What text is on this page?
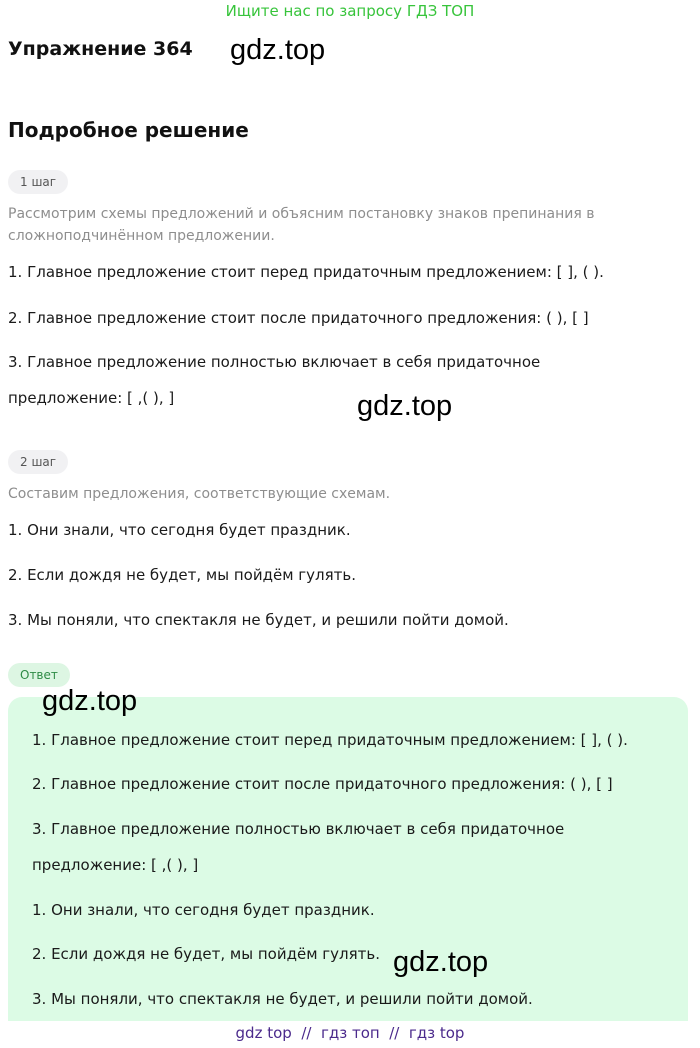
Ищите нас по запросу ГДЗ ТОП
Упражнение 364 gdz.top
Подробное решение
1 шаг
Рассмотрим схемы предложений и объясним постановку знаков препинания в сложноподчинённом предложении.
1. Главное предложение стоит перед придаточным предложением: [ ], ( ).
2. Главное предложение стоит после придаточного предложения: ( ), [ ]
3. Главное предложение полностью включает в себя придаточное
предложение: [ ,( ), ]	gdz.top
2 шаг
Составим предложения, соответствующие схемам.
1. Они знали, что сегодня будет праздник.
2. Если дождя не будет, мы пойдём гулять.
3. Мы поняли, что спектакля не будет, и решили пойти домой.
Ответ
gdz.top
1. Главное предложение стоит перед придаточным предложением: [ ], ( ).
2. Главное предложение стоит после придаточного предложения: ( ), [ ]
3. Главное предложение полностью включает в себя придаточное
предложение: [ ,( ), ]
1. Они знали, что сегодня будет праздник.
2. Если дождя не будет, мы пойдём гулять.
3. Мы поняли, что спектакля не будет, и решили пойти домой.
gdz.top
gdz top  //  гдз топ  //  гдз top
